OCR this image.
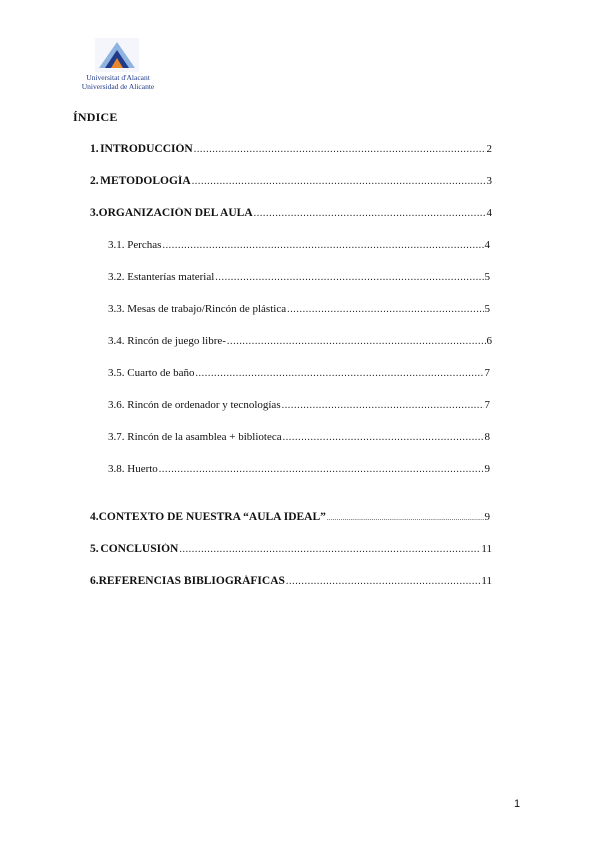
Universitat d'Alacant
Universidad de Alicante
ÍNDICE
1. INTRODUCCIÓN .....	2
2. METODOLOGÍA .....	3
3. ORGANIZACIÓN DEL AULA .....	4
3.1. Perchas .....	4
3.2. Estanterías material .....	5
3.3. Mesas de trabajo/Rincón de plástica .....	5
3.4. Rincón de juego libre- .....	6
3.5. Cuarto de baño .....	7
3.6. Rincón de ordenador y tecnologías .....	7
3.7. Rincón de la asamblea + biblioteca .....	8
3.8. Huerto .....	9
4. CONTEXTO DE NUESTRA “AULA IDEAL” .....	9
5. CONCLUSIÓN .....	11
6. REFERENCIAS BIBLIOGRÁFICAS .....	11
1
